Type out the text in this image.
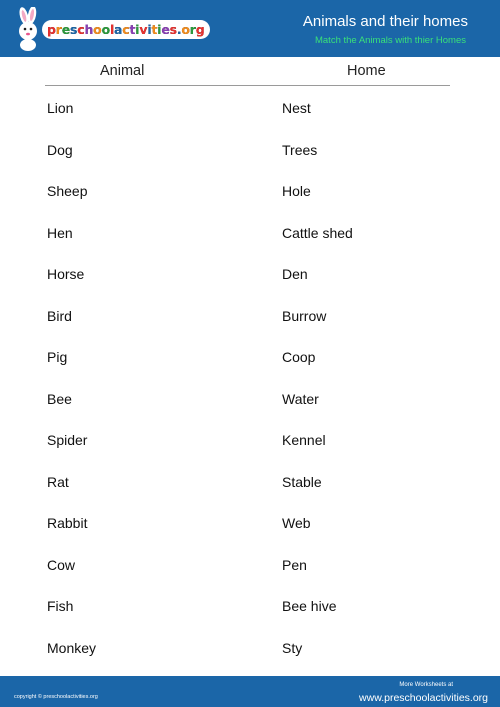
preschoolactivities.org	Animals and their homes
Match the Animals with thier Homes
Animal	Home
Lion	Nest
Dog	Trees
Sheep	Hole
Hen	Cattle shed
Horse	Den
Bird	Burrow
Pig	Coop
Bee	Water
Spider	Kennel
Rat	Stable
Rabbit	Web
Cow	Pen
Fish	Bee hive
Monkey	Sty
copyright © preschoolactivities.org
More Worksheets at
www.preschoolactivities.org
